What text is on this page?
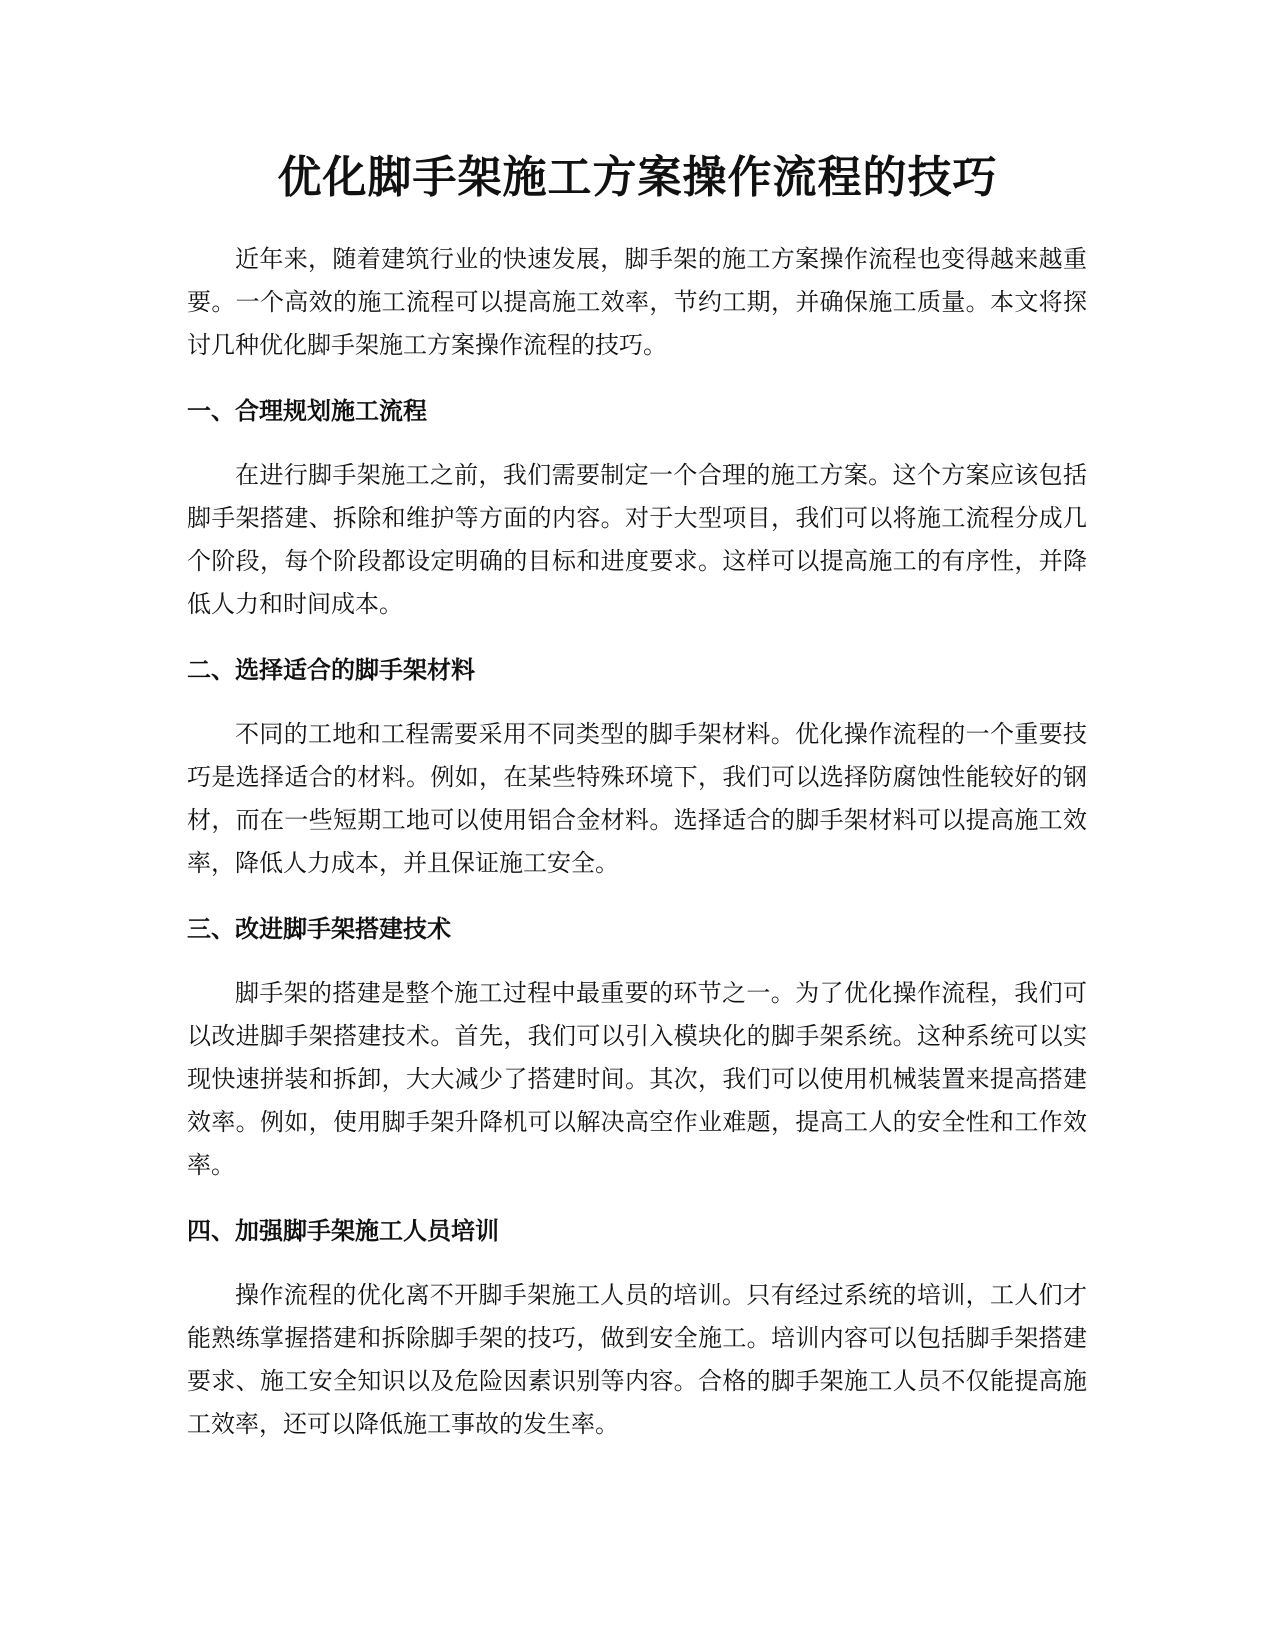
优化脚手架施工方案操作流程的技巧

近年来，随着建筑行业的快速发展，脚手架的施工方案操作流程也变得越来越重要。一个高效的施工流程可以提高施工效率，节约工期，并确保施工质量。本文将探讨几种优化脚手架施工方案操作流程的技巧。

一、合理规划施工流程

在进行脚手架施工之前，我们需要制定一个合理的施工方案。这个方案应该包括脚手架搭建、拆除和维护等方面的内容。对于大型项目，我们可以将施工流程分成几个阶段，每个阶段都设定明确的目标和进度要求。这样可以提高施工的有序性，并降低人力和时间成本。

二、选择适合的脚手架材料

不同的工地和工程需要采用不同类型的脚手架材料。优化操作流程的一个重要技巧是选择适合的材料。例如，在某些特殊环境下，我们可以选择防腐蚀性能较好的钢材，而在一些短期工地可以使用铝合金材料。选择适合的脚手架材料可以提高施工效率，降低人力成本，并且保证施工安全。

三、改进脚手架搭建技术

脚手架的搭建是整个施工过程中最重要的环节之一。为了优化操作流程，我们可以改进脚手架搭建技术。首先，我们可以引入模块化的脚手架系统。这种系统可以实现快速拼装和拆卸，大大减少了搭建时间。其次，我们可以使用机械装置来提高搭建效率。例如，使用脚手架升降机可以解决高空作业难题，提高工人的安全性和工作效率。

四、加强脚手架施工人员培训

操作流程的优化离不开脚手架施工人员的培训。只有经过系统的培训，工人们才能熟练掌握搭建和拆除脚手架的技巧，做到安全施工。培训内容可以包括脚手架搭建要求、施工安全知识以及危险因素识别等内容。合格的脚手架施工人员不仅能提高施工效率，还可以降低施工事故的发生率。
